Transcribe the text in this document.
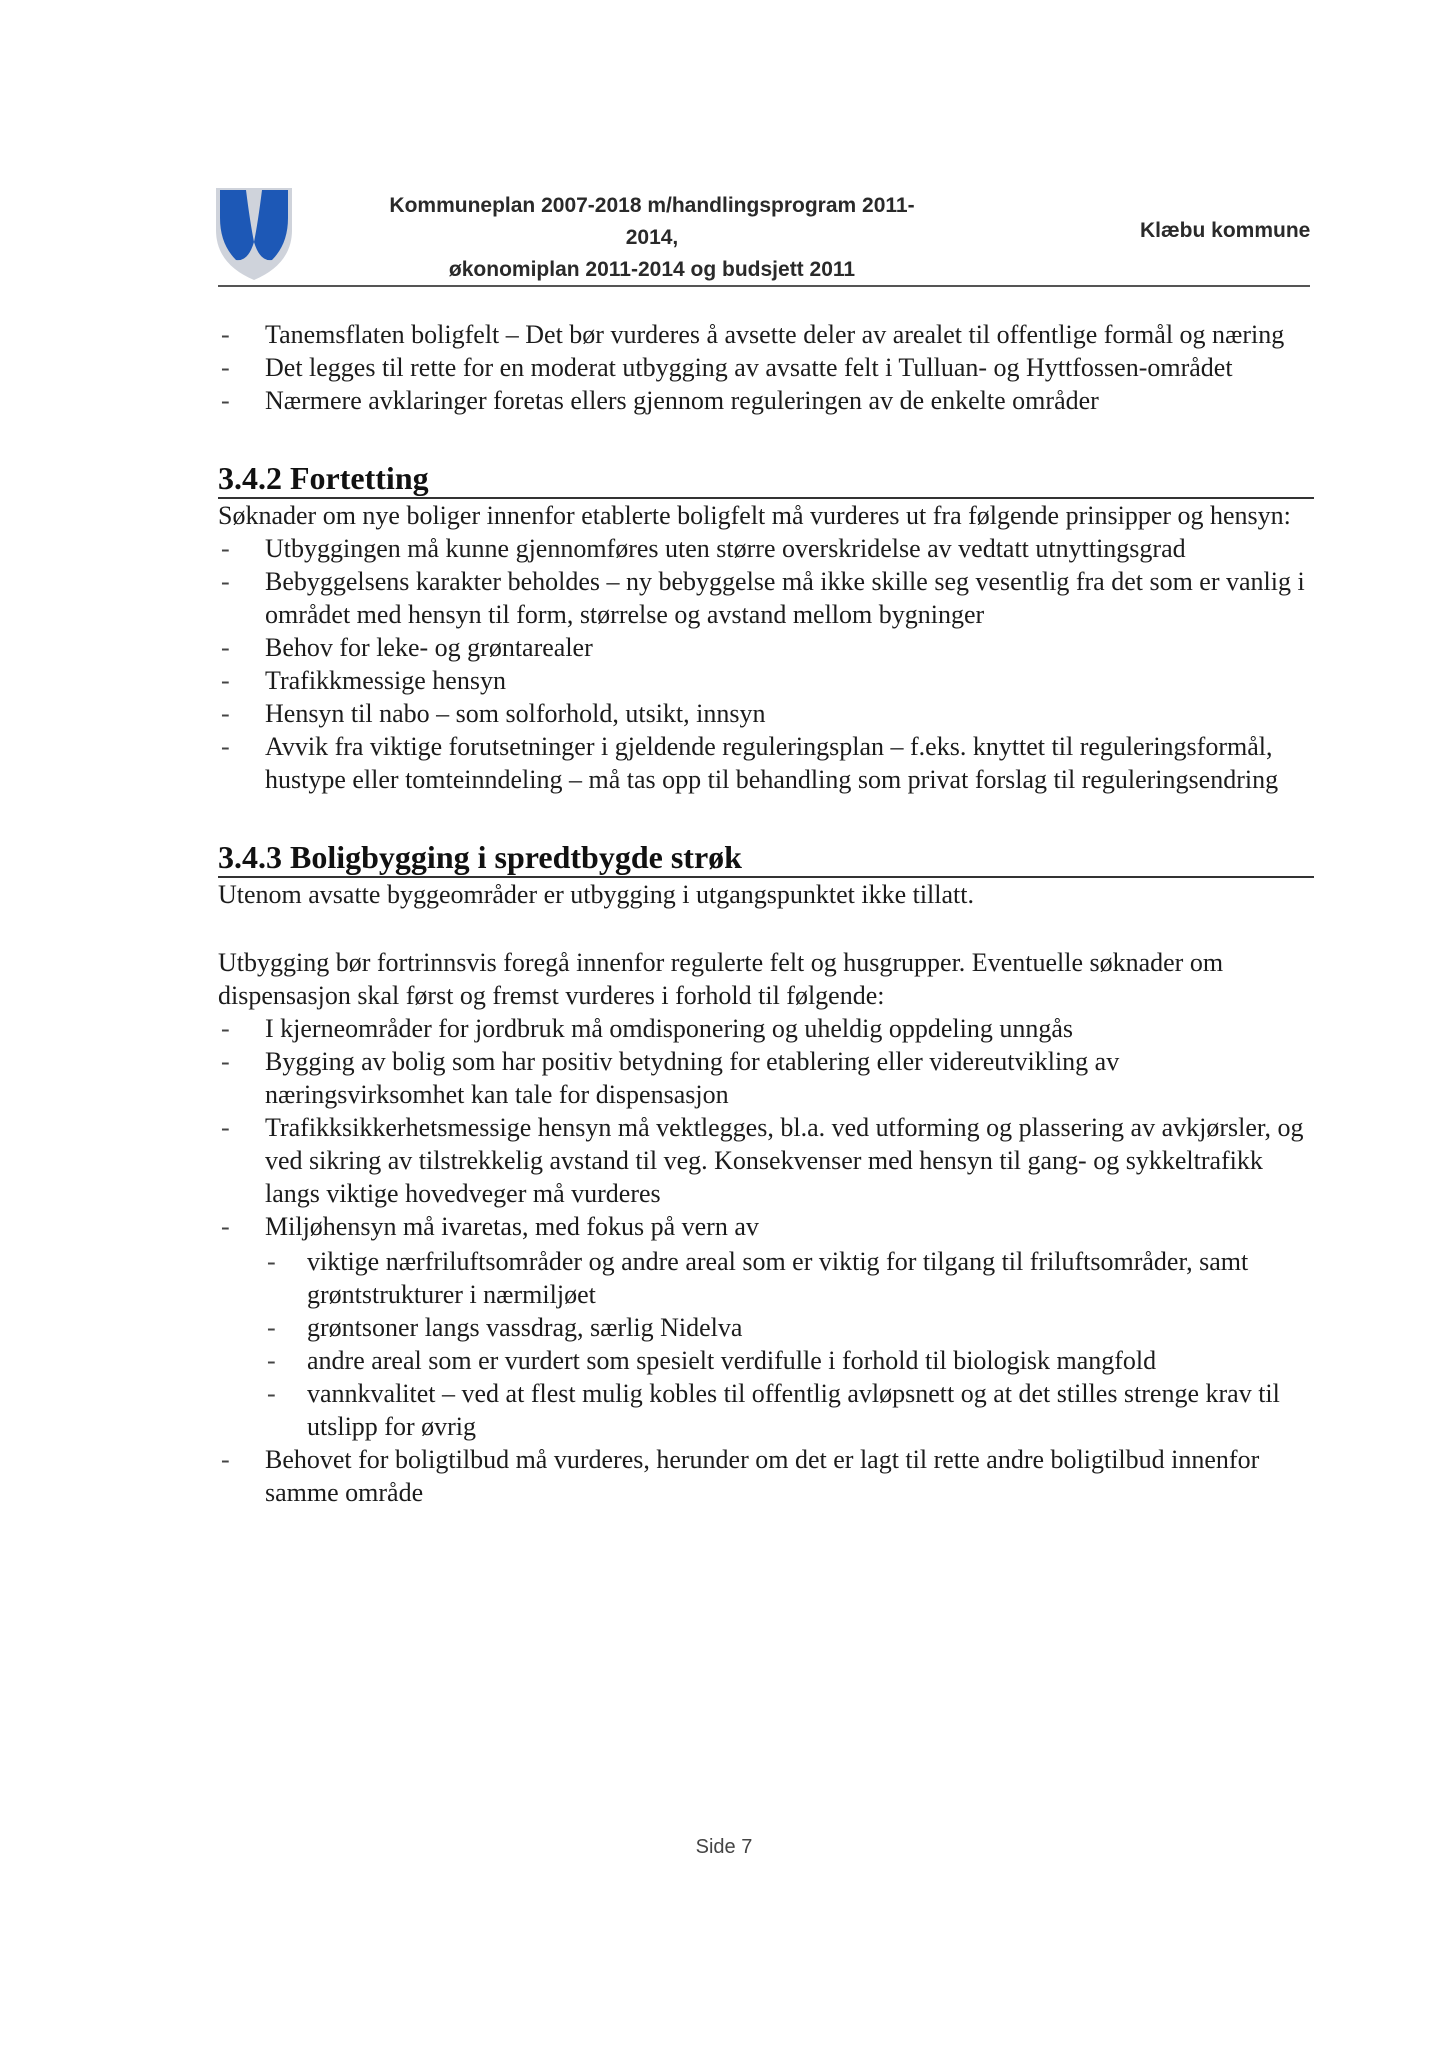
Kommuneplan 2007-2018 m/handlingsprogram 2011-2014,
økonomiplan 2011-2014 og budsjett 2011
Klæbu kommune
- Tanemsflaten boligfelt – Det bør vurderes å avsette deler av arealet til offentlige formål og næring
- Det legges til rette for en moderat utbygging av avsatte felt i Tulluan- og Hyttfossen-området
- Nærmere avklaringer foretas ellers gjennom reguleringen av de enkelte områder
3.4.2 Fortetting

Søknader om nye boliger innenfor etablerte boligfelt må vurderes ut fra følgende prinsipper og hensyn:

- Utbyggingen må kunne gjennomføres uten større overskridelse av vedtatt utnyttingsgrad
- Bebyggelsens karakter beholdes – ny bebyggelse må ikke skille seg vesentlig fra det som er vanlig i området med hensyn til form, størrelse og avstand mellom bygninger
- Behov for leke- og grøntarealer
- Trafikkmessige hensyn
- Hensyn til nabo – som solforhold, utsikt, innsyn
- Avvik fra viktige forutsetninger i gjeldende reguleringsplan – f.eks. knyttet til reguleringsformål, hustype eller tomteinndeling – må tas opp til behandling som privat forslag til reguleringsendring
3.4.3 Boligbygging i spredtbygde strøk

Utenom avsatte byggeområder er utbygging i utgangspunktet ikke tillatt.

Utbygging bør fortrinnsvis foregå innenfor regulerte felt og husgrupper. Eventuelle søknader om dispensasjon skal først og fremst vurderes i forhold til følgende:

- I kjerneområder for jordbruk må omdisponering og uheldig oppdeling unngås
- Bygging av bolig som har positiv betydning for etablering eller videreutvikling av næringsvirksomhet kan tale for dispensasjon
- Trafikksikkerhetsmessige hensyn må vektlegges, bl.a. ved utforming og plassering av avkjørsler, og ved sikring av tilstrekkelig avstand til veg. Konsekvenser med hensyn til gang- og sykkeltrafikk langs viktige hovedveger må vurderes
- Miljøhensyn må ivaretas, med fokus på vern av
- viktige nærfriluftsområder og andre areal som er viktig for tilgang til friluftsområder, samt grøntstrukturer i nærmiljøet
- grøntsoner langs vassdrag, særlig Nidelva
- andre areal som er vurdert som spesielt verdifulle i forhold til biologisk mangfold
- vannkvalitet – ved at flest mulig kobles til offentlig avløpsnett og at det stilles strenge krav til utslipp for øvrig
- Behovet for boligtilbud må vurderes, herunder om det er lagt til rette andre boligtilbud innenfor samme område
Side 7
